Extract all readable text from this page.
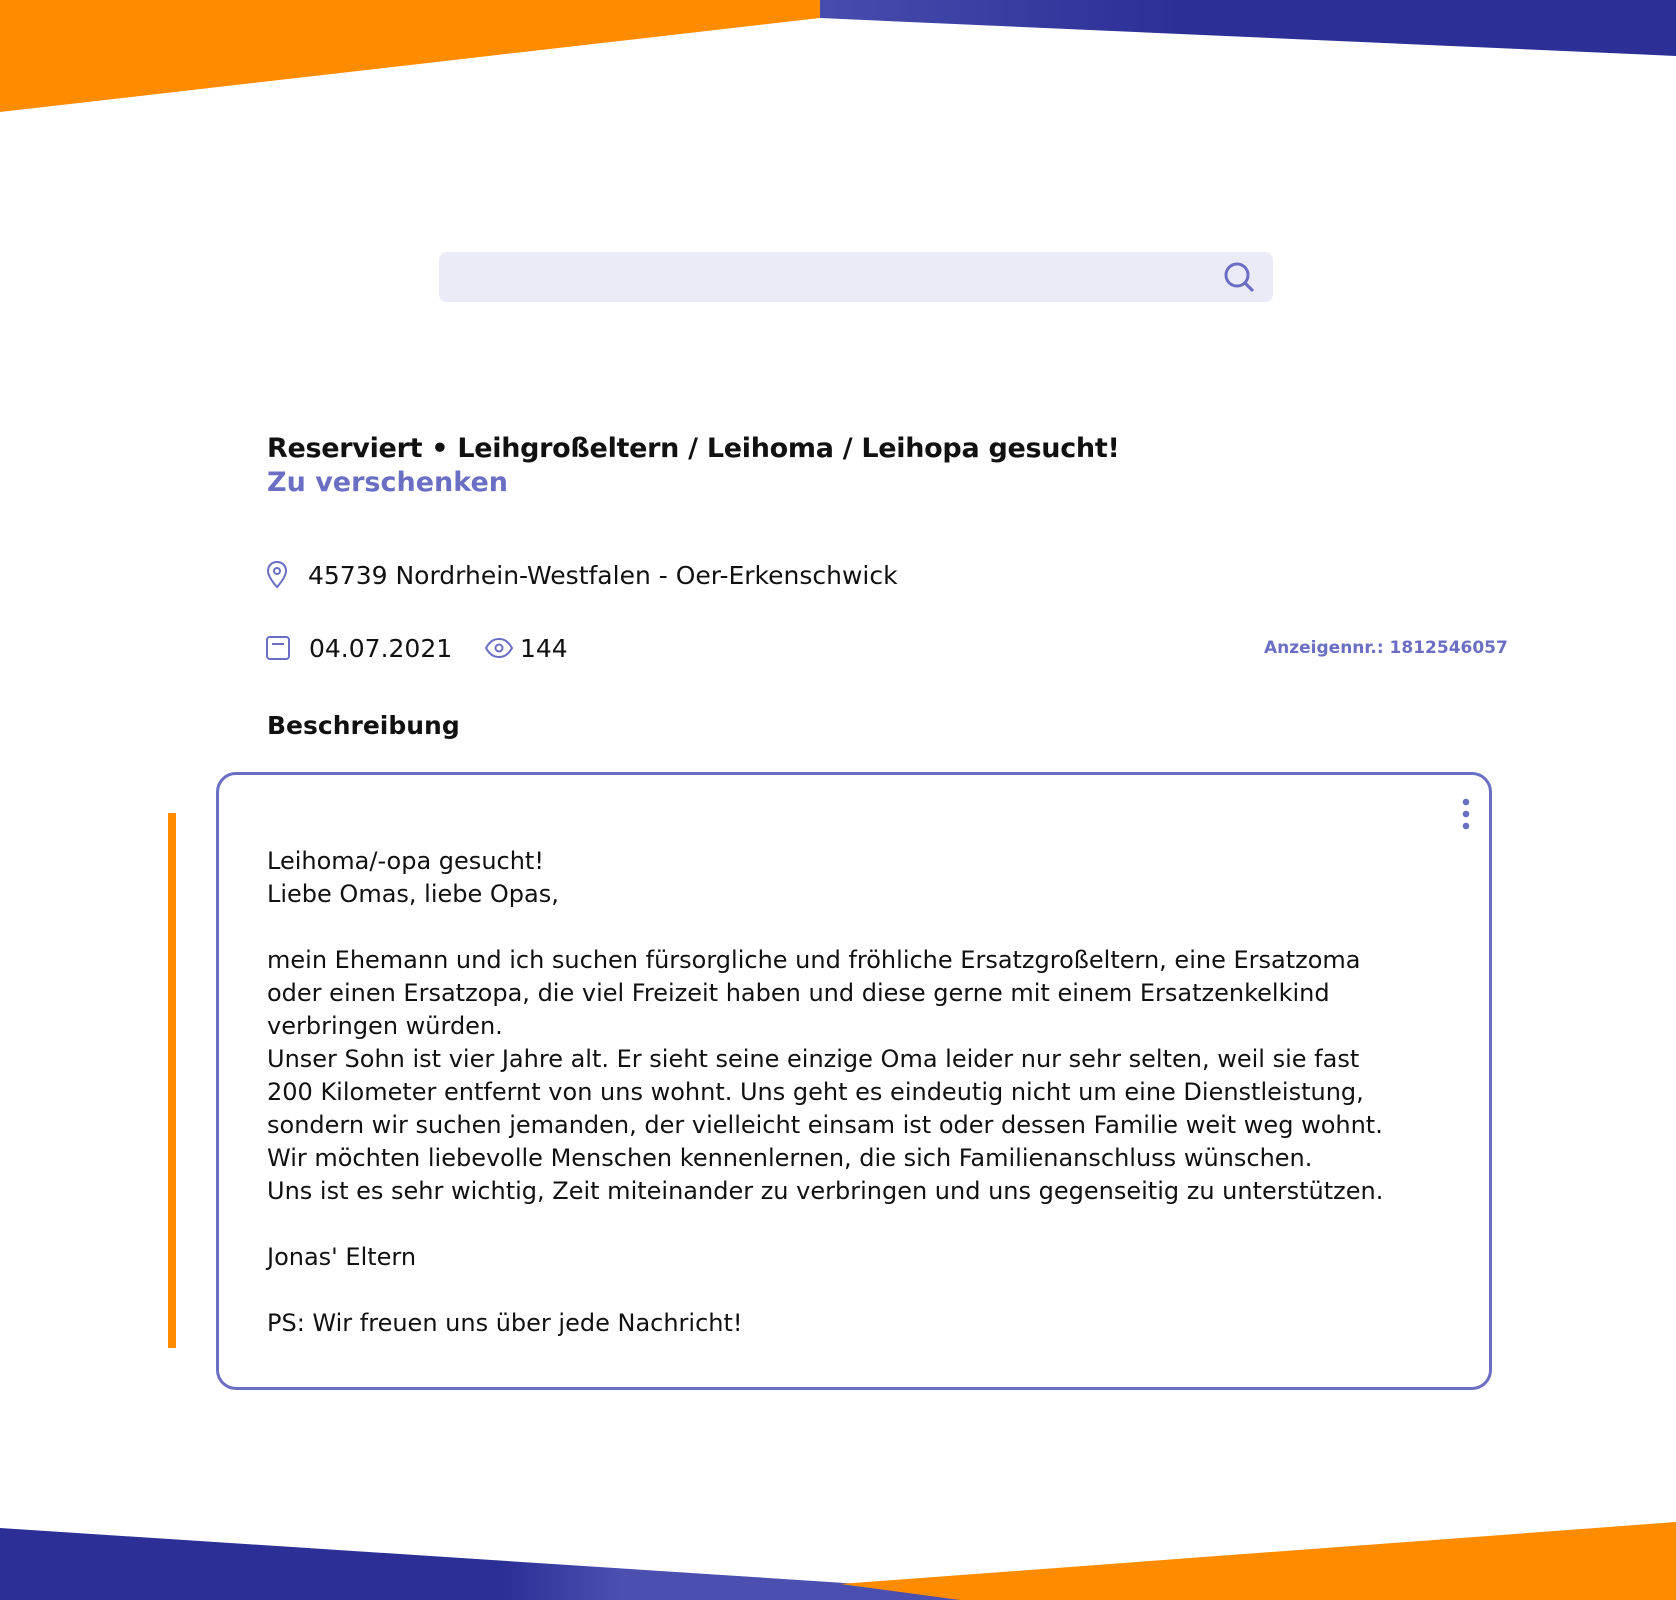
Reserviert • Leihgroßeltern / Leihoma / Leihopa gesucht!
Zu verschenken
45739 Nordrhein-Westfalen - Oer-Erkenschwick
04.07.2021	144	Anzeigennr.: 1812546057
Beschreibung

Leihoma/-opa gesucht!

Liebe Omas, liebe Opas,

mein Ehemann und ich suchen fürsorgliche und fröhliche Ersatzgroßeltern, eine Ersatzoma

oder einen Ersatzopa, die viel Freizeit haben und diese gerne mit einem Ersatzenkelkind

verbringen würden.

Unser Sohn ist vier Jahre alt. Er sieht seine einzige Oma leider nur sehr selten, weil sie fast

200 Kilometer entfernt von uns wohnt. Uns geht es eindeutig nicht um eine Dienstleistung,

sondern wir suchen jemanden, der vielleicht einsam ist oder dessen Familie weit weg wohnt.

Wir möchten liebevolle Menschen kennenlernen, die sich Familienanschluss wünschen.

Uns ist es sehr wichtig, Zeit miteinander zu verbringen und uns gegenseitig zu unterstützen.

Jonas' Eltern

PS: Wir freuen uns über jede Nachricht!
